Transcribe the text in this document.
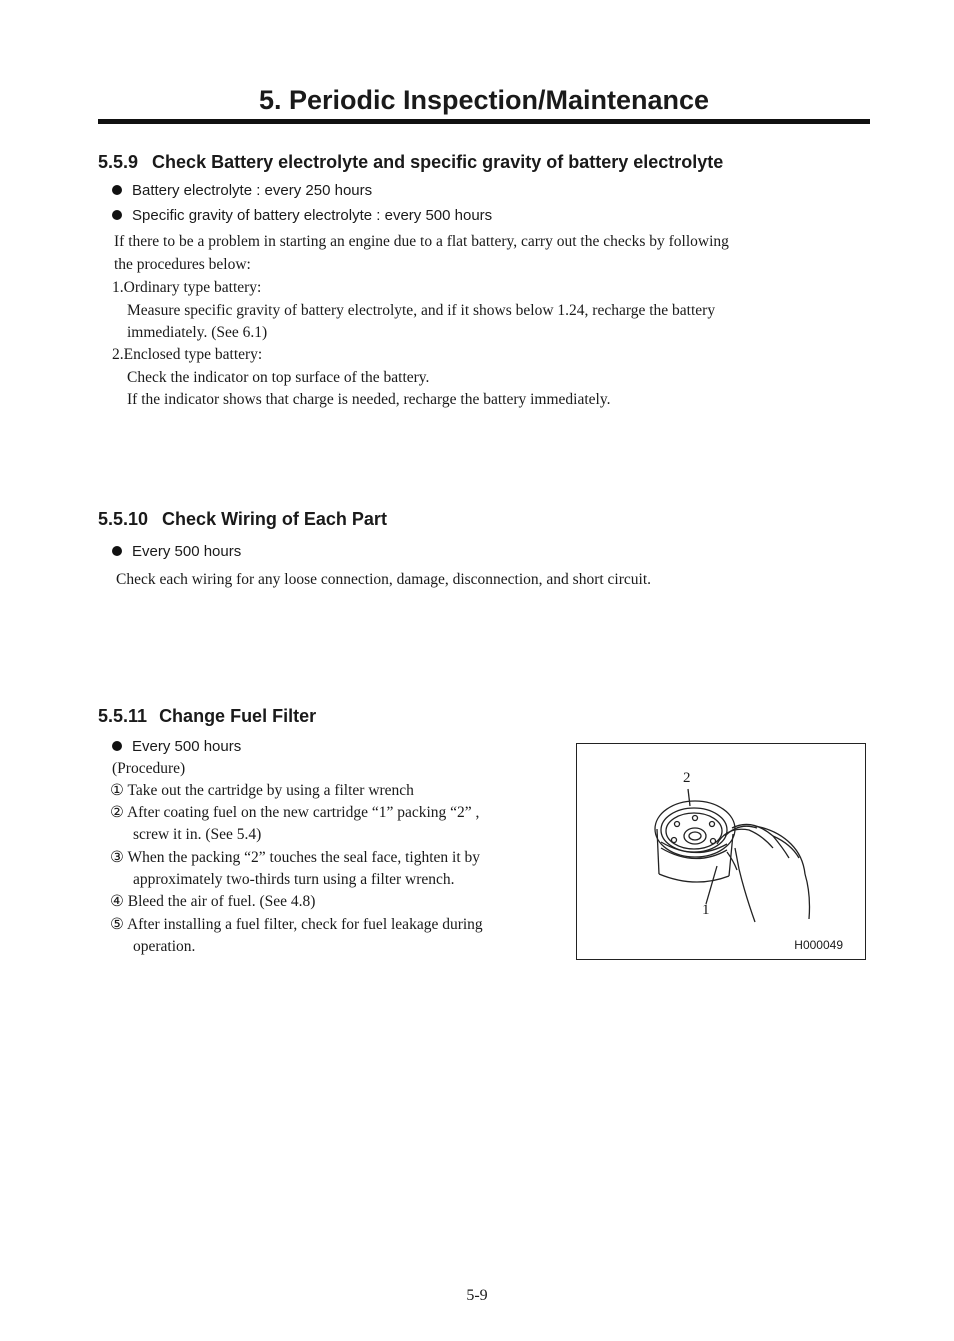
5. Periodic Inspection/Maintenance
5.5.9 Check Battery electrolyte and specific gravity of battery electrolyte
Battery electrolyte : every 250 hours
Specific gravity of battery electrolyte : every 500 hours
If there to be a problem in starting an engine due to a flat battery, carry out the checks by following
the procedures below:
1.Ordinary type battery:
Measure specific gravity of battery electrolyte, and if it shows below 1.24, recharge the battery
immediately. (See 6.1)
2.Enclosed type battery:
Check the indicator on top surface of the battery.
If the indicator shows that charge is needed, recharge the battery immediately.
5.5.10 Check Wiring of Each Part
Every 500 hours
Check each wiring for any loose connection, damage, disconnection, and short circuit.
5.5.11 Change Fuel Filter
Every 500 hours
(Procedure)
① Take out the cartridge by using a filter wrench
② After coating fuel on the new cartridge “1” packing “2” ,
screw it in. (See 5.4)
③ When the packing “2” touches the seal face, tighten it by
approximately two-thirds turn using a filter wrench.
④ Bleed the air of fuel. (See 4.8)
⑤ After installing a fuel filter, check for fuel leakage during
operation.
2
1
H000049
5-9
